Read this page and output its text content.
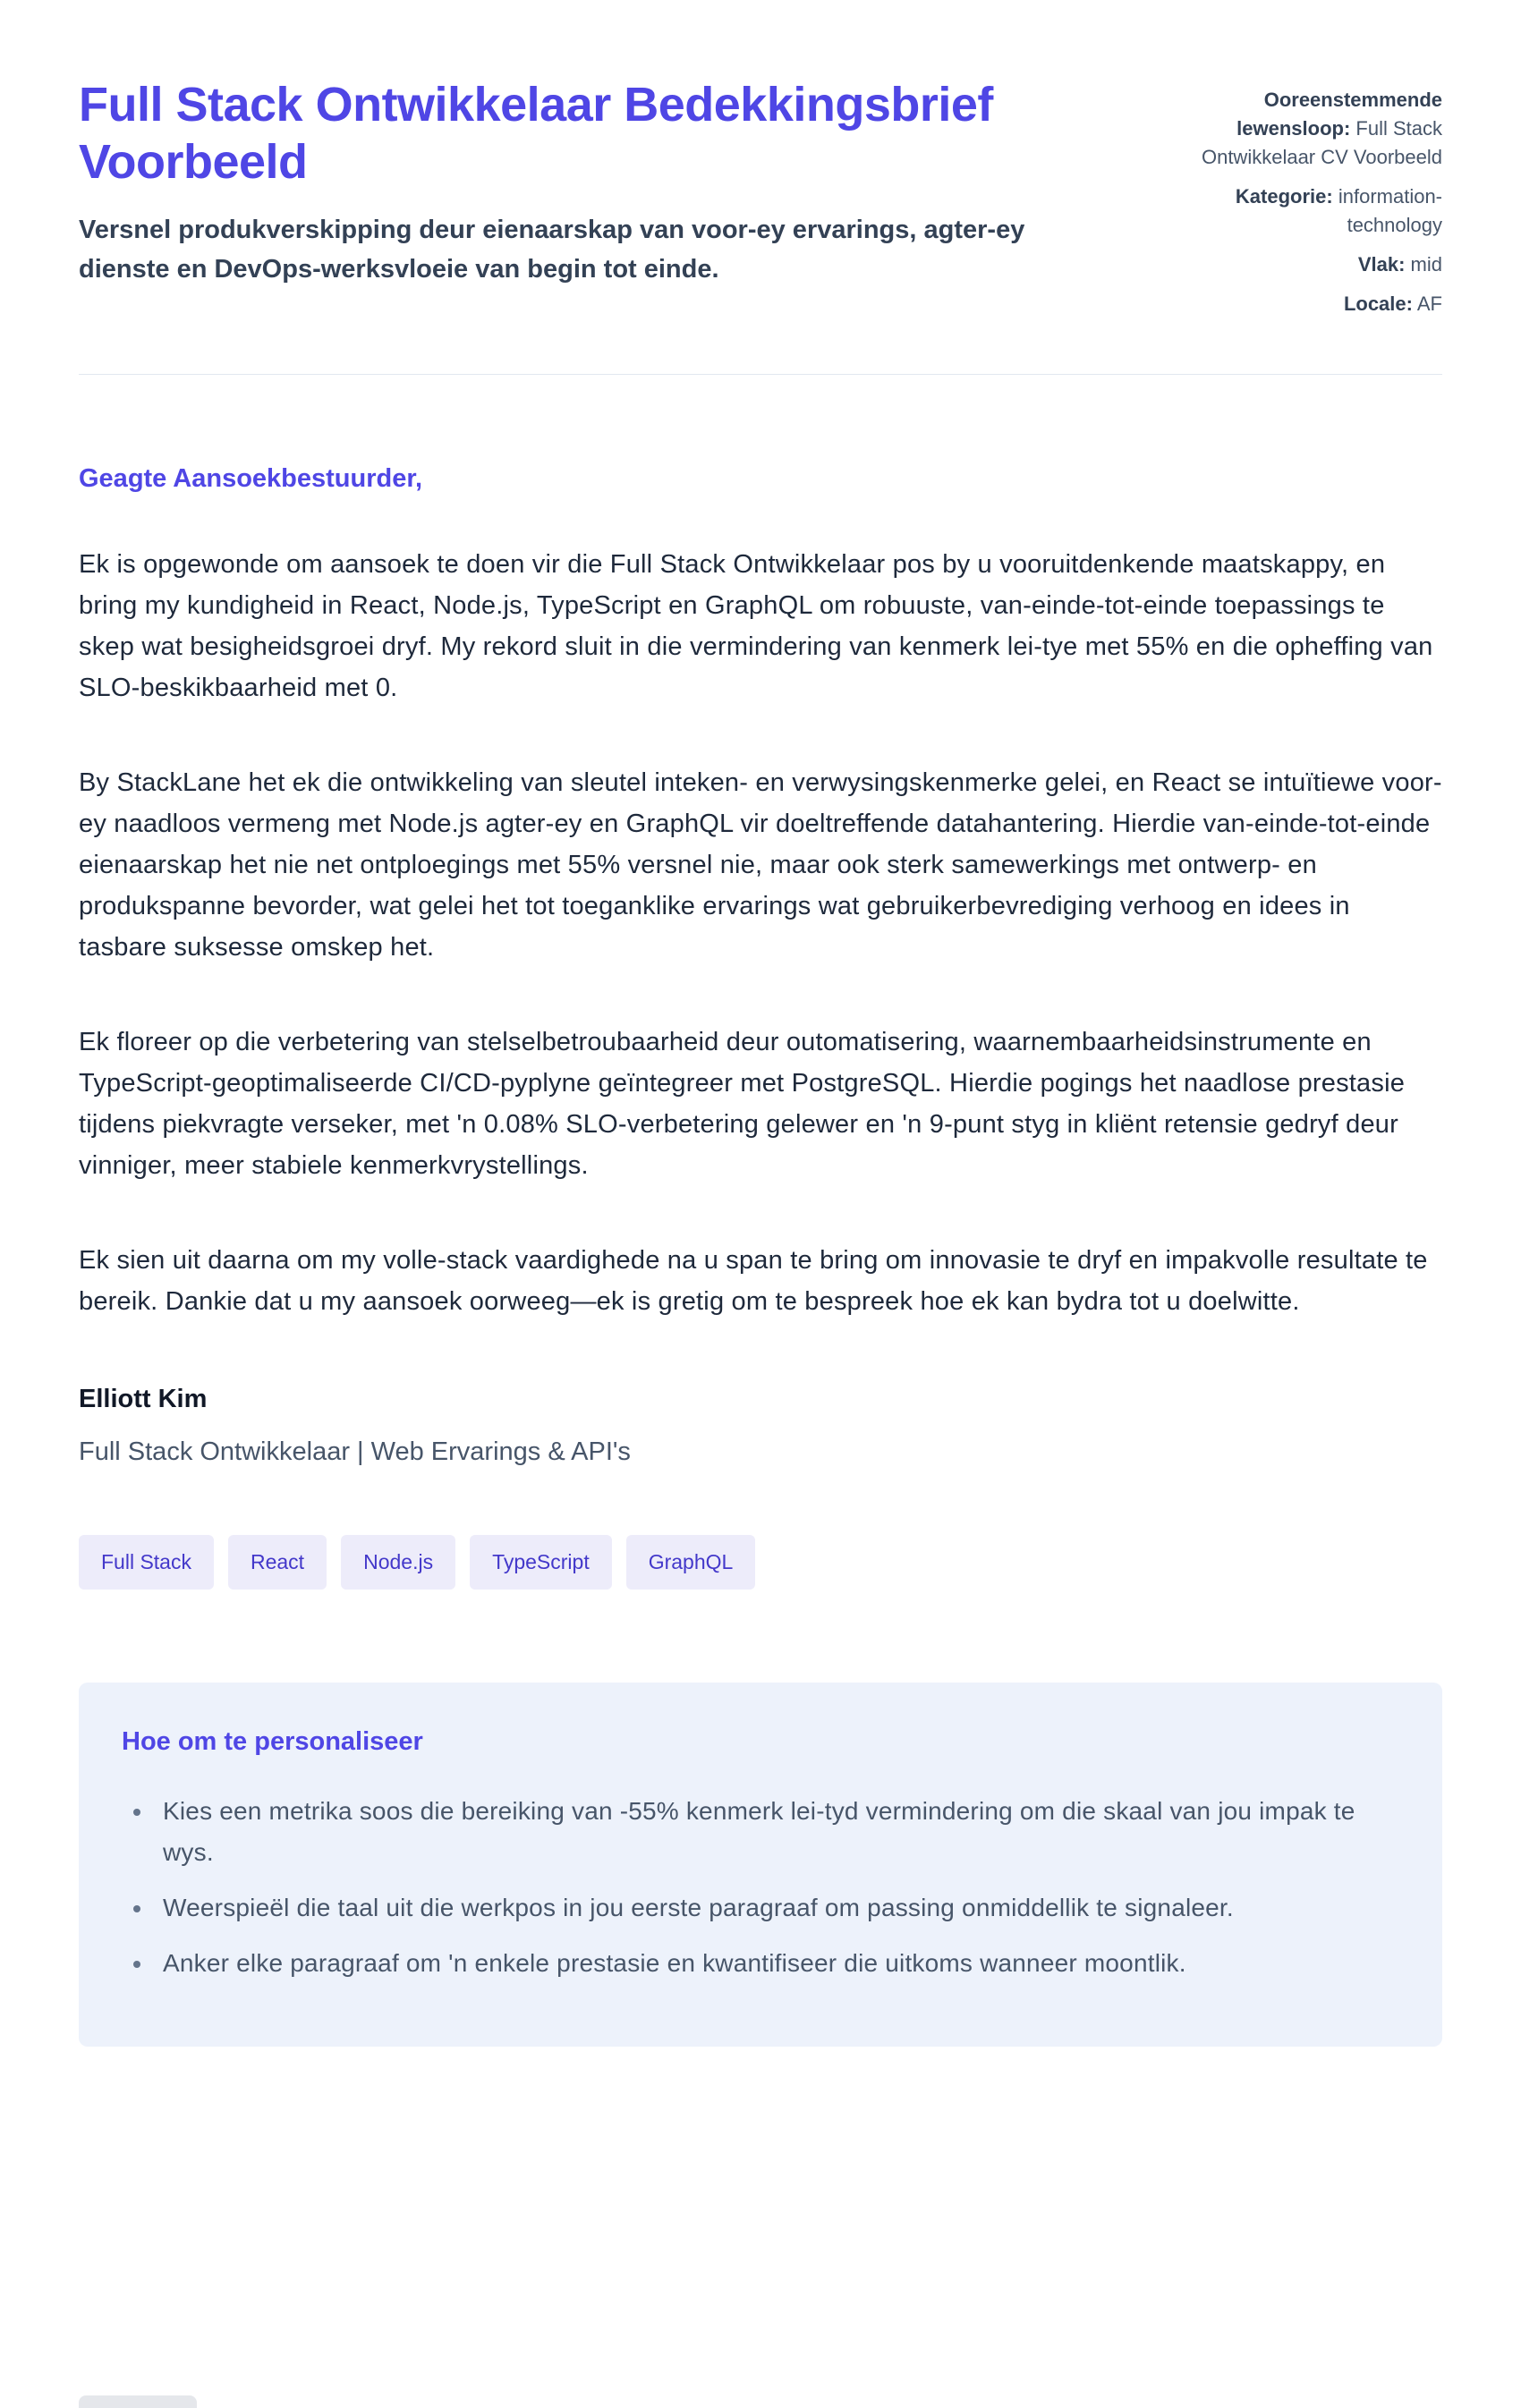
Full Stack Ontwikkelaar Bedekkingsbrief Voorbeeld

Versnel produkverskipping deur eienaarskap van voor-ey ervarings, agter-ey dienste en DevOps-werksvloeie van begin tot einde.

Ooreenstemmende lewensloop: Full Stack Ontwikkelaar CV Voorbeeld
Kategorie: information-technology
Vlak: mid
Locale: AF

Geagte Aansoekbestuurder,

Ek is opgewonde om aansoek te doen vir die Full Stack Ontwikkelaar pos by u vooruitdenkende maatskappy, en bring my kundigheid in React, Node.js, TypeScript en GraphQL om robuuste, van-einde-tot-einde toepassings te skep wat besigheidsgroei dryf. My rekord sluit in die vermindering van kenmerk lei-tye met 55% en die opheffing van SLO-beskikbaarheid met 0.

By StackLane het ek die ontwikkeling van sleutel inteken- en verwysingskenmerke gelei, en React se intuïtiewe voor-ey naadloos vermeng met Node.js agter-ey en GraphQL vir doeltreffende datahantering. Hierdie van-einde-tot-einde eienaarskap het nie net ontploegings met 55% versnel nie, maar ook sterk samewerkings met ontwerp- en produkspanne bevorder, wat gelei het tot toeganklike ervarings wat gebruikerbevrediging verhoog en idees in tasbare suksesse omskep het.

Ek floreer op die verbetering van stelselbetroubaarheid deur outomatisering, waarnembaarheidsinstrumente en TypeScript-geoptimaliseerde CI/CD-pyplyne geïntegreer met PostgreSQL. Hierdie pogings het naadlose prestasie tijdens piekvragte verseker, met 'n 0.08% SLO-verbetering gelewer en 'n 9-punt styg in kliënt retensie gedryf deur vinniger, meer stabiele kenmerkvrystellings.

Ek sien uit daarna om my volle-stack vaardighede na u span te bring om innovasie te dryf en impakvolle resultate te bereik. Dankie dat u my aansoek oorweeg—ek is gretig om te bespreek hoe ek kan bydra tot u doelwitte.

Elliott Kim

Full Stack Ontwikkelaar | Web Ervarings & API's

Full Stack	React	Node.js	TypeScript	GraphQL
Hoe om te personaliseer
• Kies een metrika soos die bereiking van -55% kenmerk lei-tyd vermindering om die skaal van jou impak te wys.
• Weerspieël die taal uit die werkpos in jou eerste paragraaf om passing onmiddellik te signaleer.
• Anker elke paragraaf om 'n enkele prestasie en kwantifiseer die uitkoms wanneer moontlik.
